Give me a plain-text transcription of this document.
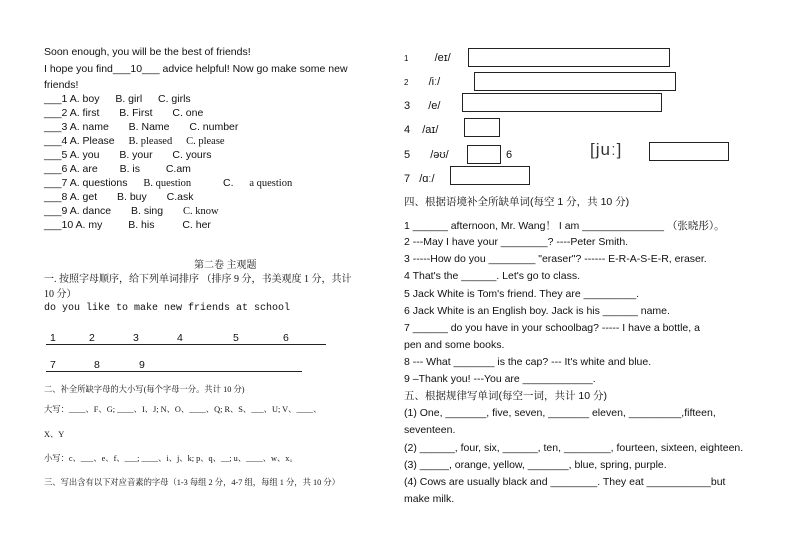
Soon enough, you will be the best of friends!
I hope you find___10___ advice helpful! Now go make some new
friends!
___1 A. boy B. girl C. girls
___2 A. first B. First C. one
___3 A. name B. Name C. number
___4 A. Please B. pleased C. please
___5 A. you B. your C. yours
___6 A. are B. is C.am
___7 A. questions B. question	C. a question
___8 A. get B. buy C.ask
___9 A. dance B. sing C. know
___10 A. my B. his	C. her
第二卷 主观题
一. 按照字母顺序，给下列单词排序 （排序 9 分，书美观度 1 分，共计
10 分）
do you like to make new friends at school
1	2	3	4	5	6
7	8	9
二、补全所缺字母的大小写(每个字母一分。共计 10 分)
大写：____、F、G; ____、I、J; N、O、____、Q; R、S、___、U; V、____、
X、Y
小写：c、___、e、f、___; ____、i、j、k; p、q、__; u、____、w、x。
三、写出含有以下对应音素的字母（1-3 每组 2 分，4-7 组，每组 1 分，共 10 分）
1 /eɪ/
2 /iː/
3 /e/
4 /aɪ/
5 /əʊ/	6	[juː]
7 /ɑː/
四、根据语境补全所缺单词(每空 1 分，共 10 分)
1 ______ afternoon, Mr. Wang！ I am ______________ （张晓彤）。
2 ---May I have your ________? ----Peter Smith.
3 -----How do you ________ "eraser"? ------ E-R-A-S-E-R, eraser.
4 That's the ______. Let's go to class.
5 Jack White is Tom's friend. They are _________.
6 Jack White is an English boy. Jack is his ______ name.
7 ______ do you have in your schoolbag? ----- I have a bottle, a
pen and some books.
8 --- What _______ is the cap? --- It's white and blue.
9 –Thank you! ---You are ____________.
五、根据规律写单词(每空一词，共计 10 分)
(1) One, _______, five, seven, _______ eleven, _________,fifteen,
seventeen.
(2) ______, four, six, ______, ten, ________, fourteen, sixteen, eighteen.
(3) _____, orange, yellow, _______, blue, spring, purple.
(4) Cows are usually black and ________. They eat ___________but
make milk.
